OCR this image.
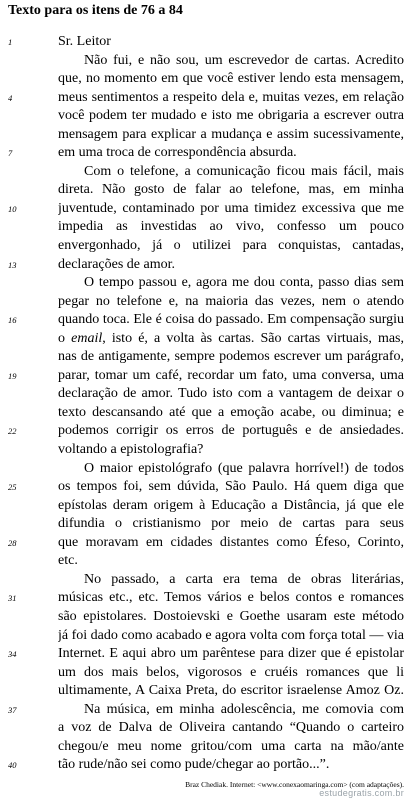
Texto para os itens de 76 a 84
1	Sr. Leitor
Não fui, e não sou, um escrevedor de cartas. Acredito
que, no momento em que você estiver lendo esta mensagem,
4	meus sentimentos a respeito dela e, muitas vezes, em relação
você podem ter mudado e isto me obrigaria a escrever outra
mensagem para explicar a mudança e assim sucessivamente,
7	em uma troca de correspondência absurda.
Com o telefone, a comunicação ficou mais fácil, mais
direta. Não gosto de falar ao telefone, mas, em minha
10	juventude, contaminado por uma timidez excessiva que me
impedia as investidas ao vivo, confesso um pouco
envergonhado, já o utilizei para conquistas, cantadas,
13	declarações de amor.
O tempo passou e, agora me dou conta, passo dias sem
pegar no telefone e, na maioria das vezes, nem o atendo
16	quando toca. Ele é coisa do passado. Em compensação surgiu
o email, isto é, a volta às cartas. São cartas virtuais, mas,
nas de antigamente, sempre podemos escrever um parágrafo,
19	parar, tomar um café, recordar um fato, uma conversa, uma
declaração de amor. Tudo isto com a vantagem de deixar o
texto descansando até que a emoção acabe, ou diminua; e
22	podemos corrigir os erros de português e de ansiedades.
voltando a epistolografia?
O maior epistológrafo (que palavra horrível!) de todos
25	os tempos foi, sem dúvida, São Paulo. Há quem diga que
epístolas deram origem à Educação a Distância, já que ele
difundia o cristianismo por meio de cartas para seus
28	que moravam em cidades distantes como Éfeso, Corinto,
etc.
No passado, a carta era tema de obras literárias,
31	músicas etc., etc. Temos vários e belos contos e romances
são epistolares. Dostoievski e Goethe usaram este método
já foi dado como acabado e agora volta com força total — via
34	Internet. E aqui abro um parêntese para dizer que é epistolar
um dos mais belos, vigorosos e cruéis romances que li
ultimamente, A Caixa Preta, do escritor israelense Amoz Oz.
37	Na música, em minha adolescência, me comovia com
a voz de Dalva de Oliveira cantando “Quando o carteiro
chegou/e meu nome gritou/com uma carta na mão/ante
40	tão rude/não sei como pude/chegar ao portão...”.
Braz Chediak. Internet: <www.conexaomaringa.com> (com adaptações).
estudegratis.com.br
